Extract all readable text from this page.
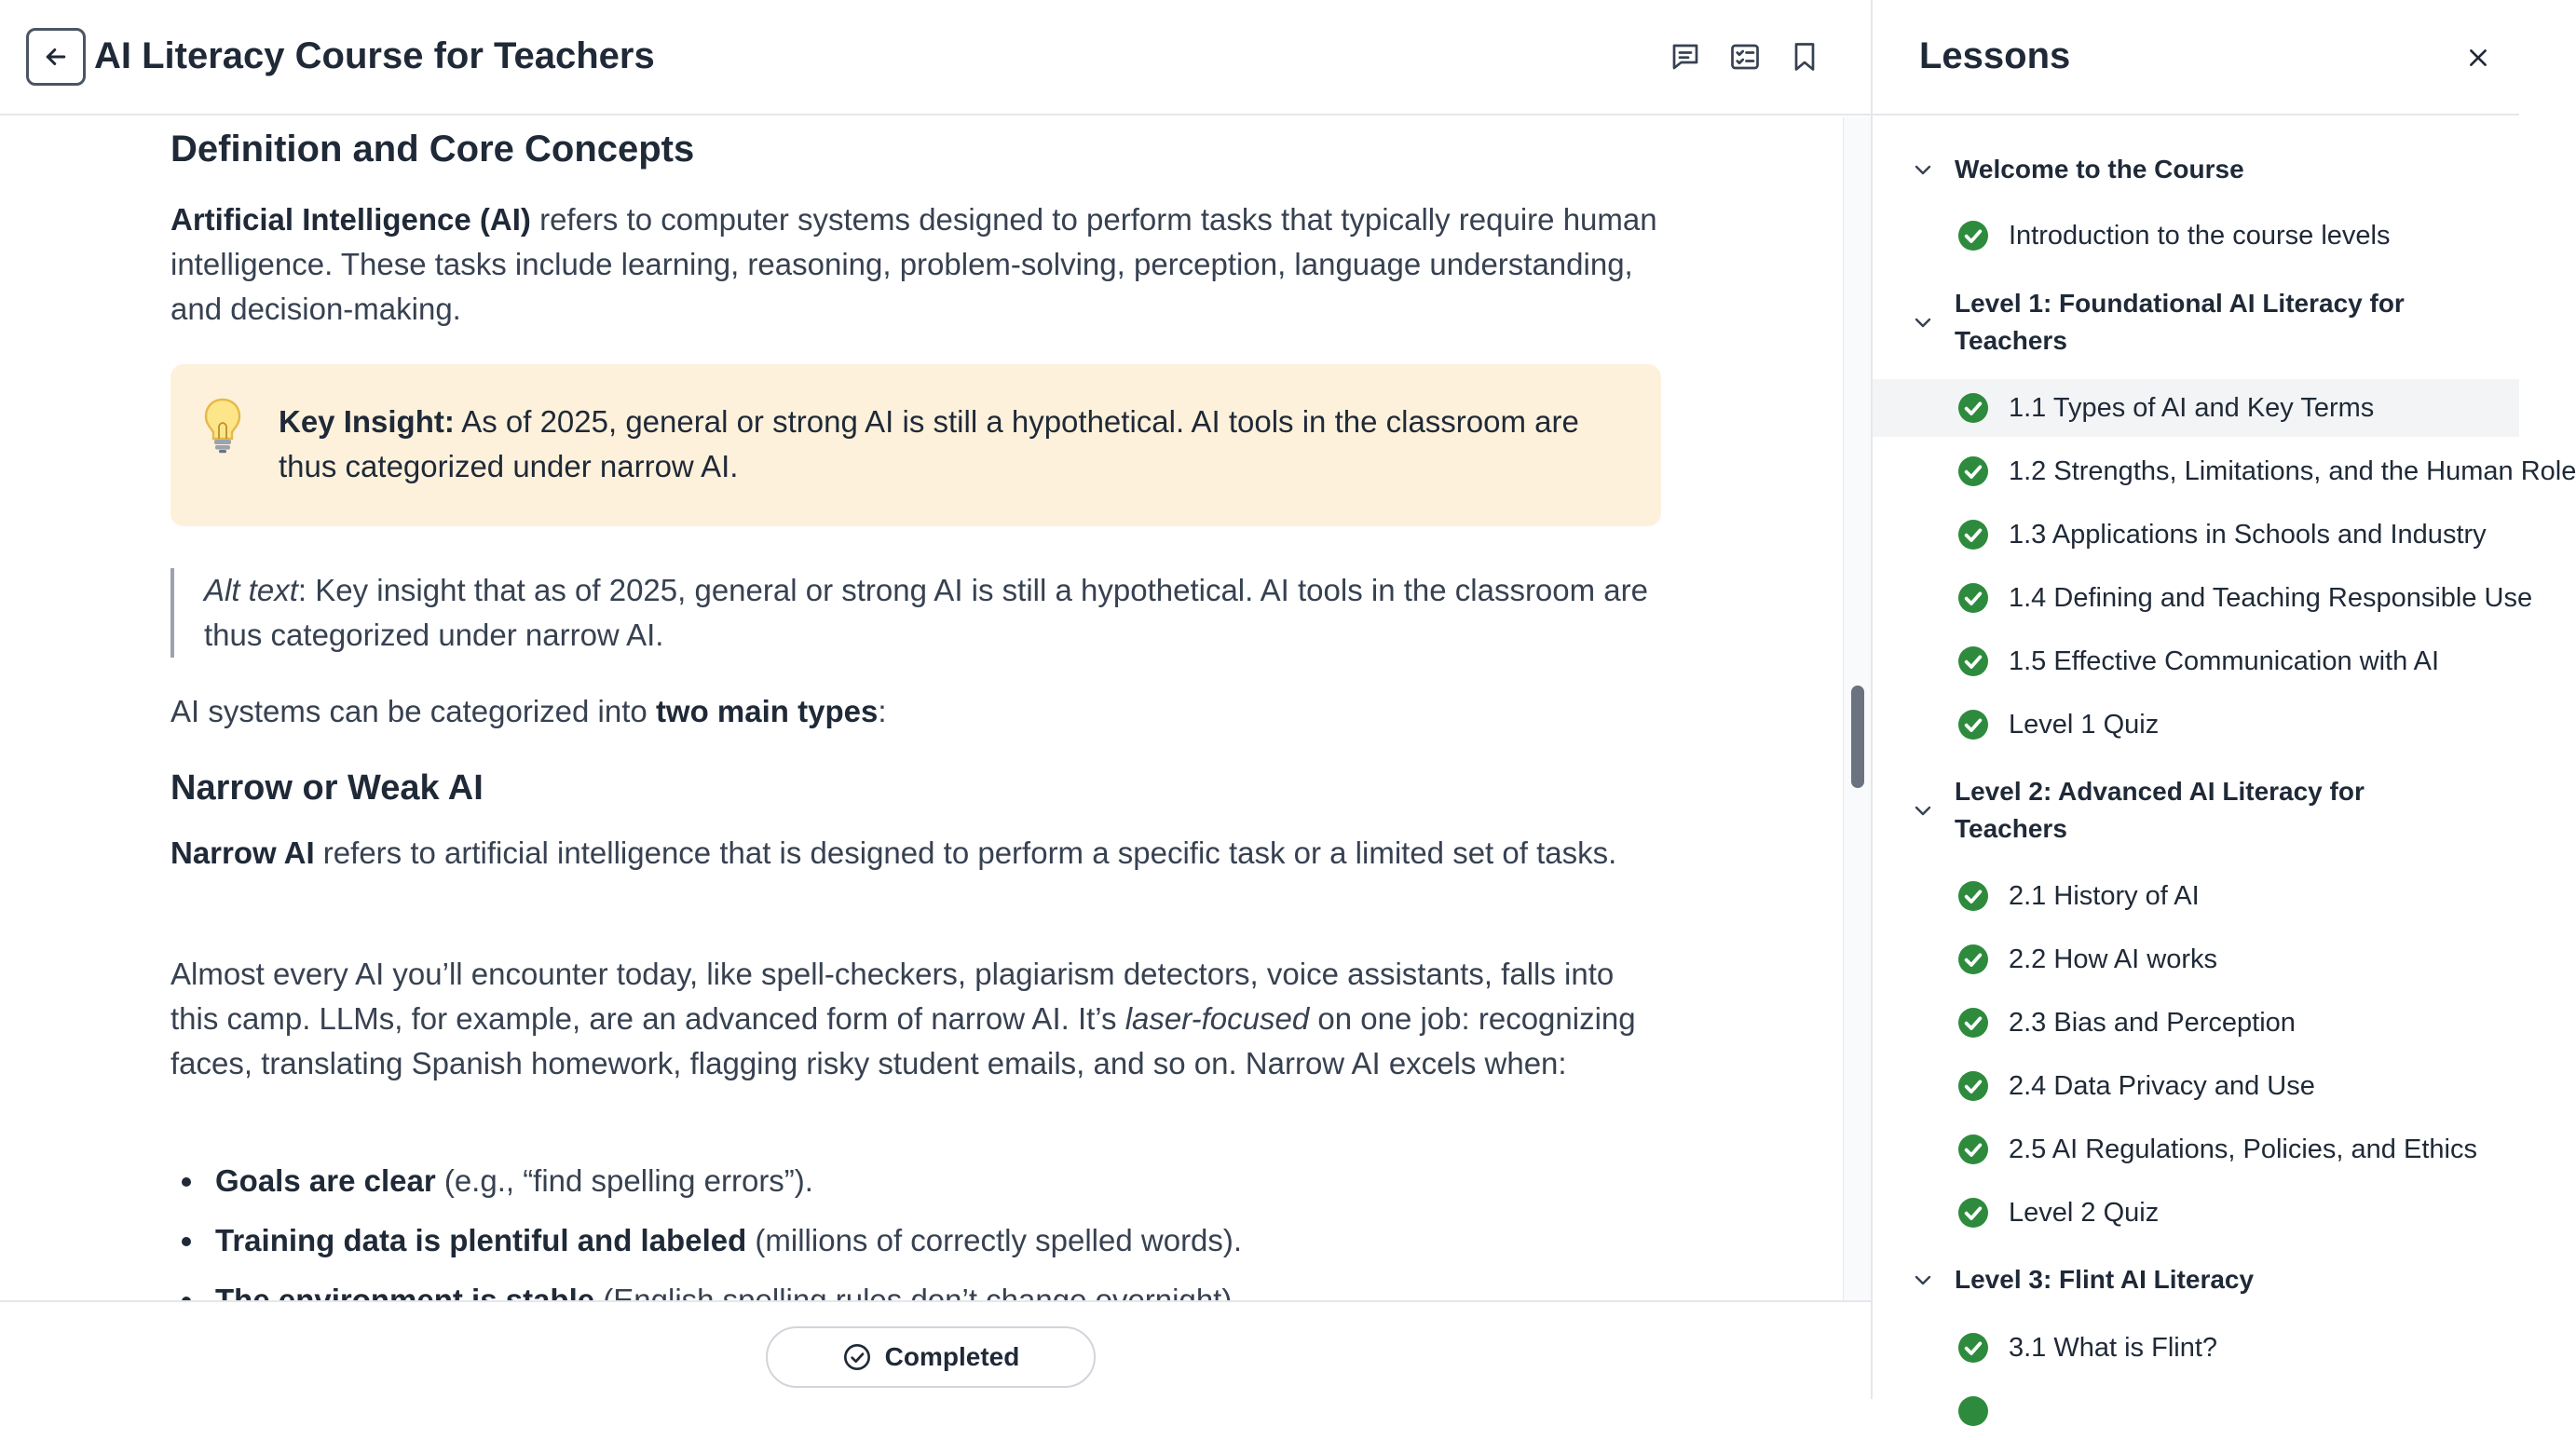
AI Literacy Course for Teachers
Definition and Core Concepts

Artificial Intelligence (AI) refers to computer systems designed to perform tasks that typically require human intelligence. These tasks include learning, reasoning, problem-solving, perception, language understanding, and decision-making.

Key Insight: As of 2025, general or strong AI is still a hypothetical. AI tools in the classroom are thus categorized under narrow AI.
Alt text: Key insight that as of 2025, general or strong AI is still a hypothetical. AI tools in the classroom are thus categorized under narrow AI.

AI systems can be categorized into two main types:

Narrow or Weak AI

Narrow AI refers to artificial intelligence that is designed to perform a specific task or a limited set of tasks.

Almost every AI you’ll encounter today, like spell-checkers, plagiarism detectors, voice assistants, falls into this camp. LLMs, for example, are an advanced form of narrow AI. It’s laser-focused on one job: recognizing faces, translating Spanish homework, flagging risky student emails, and so on. Narrow AI excels when:

Goals are clear (e.g., “find spelling errors”).
Training data is plentiful and labeled (millions of correctly spelled words).
Completed
Lessons
Welcome to the Course
Introduction to the course levels
Level 1: Foundational AI Literacy for Teachers
1.1 Types of AI and Key Terms
1.2 Strengths, Limitations, and the Human Role
1.3 Applications in Schools and Industry
1.4 Defining and Teaching Responsible Use
1.5 Effective Communication with AI
Level 1 Quiz
Level 2: Advanced AI Literacy for Teachers
2.1 History of AI
2.2 How AI works
2.3 Bias and Perception
2.4 Data Privacy and Use
2.5 AI Regulations, Policies, and Ethics
Level 2 Quiz
Level 3: Flint AI Literacy
3.1 What is Flint?
